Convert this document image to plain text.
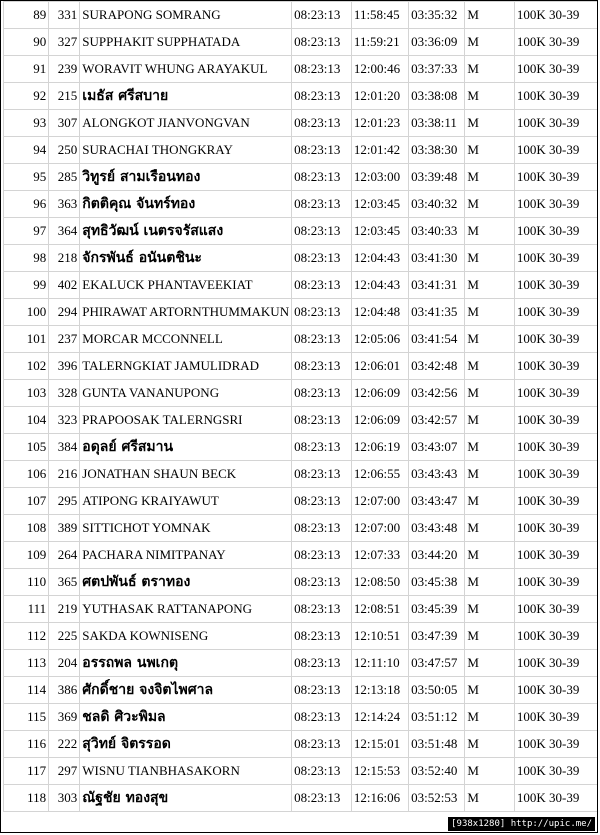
89	331	SURAPONG SOMRANG	08:23:13	11:58:45	03:35:32	M	100K 30-39
90	327	SUPPHAKIT SUPPHATADA	08:23:13	11:59:21	03:36:09	M	100K 30-39
91	239	WORAVIT WHUNG ARAYAKUL	08:23:13	12:00:46	03:37:33	M	100K 30-39
92	215	เมธัส ศรีสบาย	08:23:13	12:01:20	03:38:08	M	100K 30-39
93	307	ALONGKOT JIANVONGVAN	08:23:13	12:01:23	03:38:11	M	100K 30-39
94	250	SURACHAI THONGKRAY	08:23:13	12:01:42	03:38:30	M	100K 30-39
95	285	วิทูรย์ สามเรือนทอง	08:23:13	12:03:00	03:39:48	M	100K 30-39
96	363	กิตติคุณ จันทร์ทอง	08:23:13	12:03:45	03:40:32	M	100K 30-39
97	364	สุทธิวัฒน์ เนตรจรัสแสง	08:23:13	12:03:45	03:40:33	M	100K 30-39
98	218	จักรพันธ์ อนันตชินะ	08:23:13	12:04:43	03:41:30	M	100K 30-39
99	402	EKALUCK PHANTAVEEKIAT	08:23:13	12:04:43	03:41:31	M	100K 30-39
100	294	PHIRAWAT ARTORNTHUMMAKUN	08:23:13	12:04:48	03:41:35	M	100K 30-39
101	237	MORCAR MCCONNELL	08:23:13	12:05:06	03:41:54	M	100K 30-39
102	396	TALERNGKIAT JAMULIDRAD	08:23:13	12:06:01	03:42:48	M	100K 30-39
103	328	GUNTA VANANUPONG	08:23:13	12:06:09	03:42:56	M	100K 30-39
104	323	PRAPOOSAK TALERNGSRI	08:23:13	12:06:09	03:42:57	M	100K 30-39
105	384	อดุลย์ ศรีสมาน	08:23:13	12:06:19	03:43:07	M	100K 30-39
106	216	JONATHAN SHAUN BECK	08:23:13	12:06:55	03:43:43	M	100K 30-39
107	295	ATIPONG KRAIYAWUT	08:23:13	12:07:00	03:43:47	M	100K 30-39
108	389	SITTICHOT YOMNAK	08:23:13	12:07:00	03:43:48	M	100K 30-39
109	264	PACHARA NIMITPANAY	08:23:13	12:07:33	03:44:20	M	100K 30-39
110	365	ศตปพันธ์ ตราทอง	08:23:13	12:08:50	03:45:38	M	100K 30-39
111	219	YUTHASAK RATTANAPONG	08:23:13	12:08:51	03:45:39	M	100K 30-39
112	225	SAKDA KOWNISENG	08:23:13	12:10:51	03:47:39	M	100K 30-39
113	204	อรรถพล นพเกตุ	08:23:13	12:11:10	03:47:57	M	100K 30-39
114	386	ศักดิ์ชาย จงจิตไพศาล	08:23:13	12:13:18	03:50:05	M	100K 30-39
115	369	ชลดิ ศิวะพิมล	08:23:13	12:14:24	03:51:12	M	100K 30-39
116	222	สุวิทย์ จิตรรอด	08:23:13	12:15:01	03:51:48	M	100K 30-39
117	297	WISNU TIANBHASAKORN	08:23:13	12:15:53	03:52:40	M	100K 30-39
118	303	ณัฐชัย ทองสุข	08:23:13	12:16:06	03:52:53	M	100K 30-39
[938x1280] http://upic.me/
